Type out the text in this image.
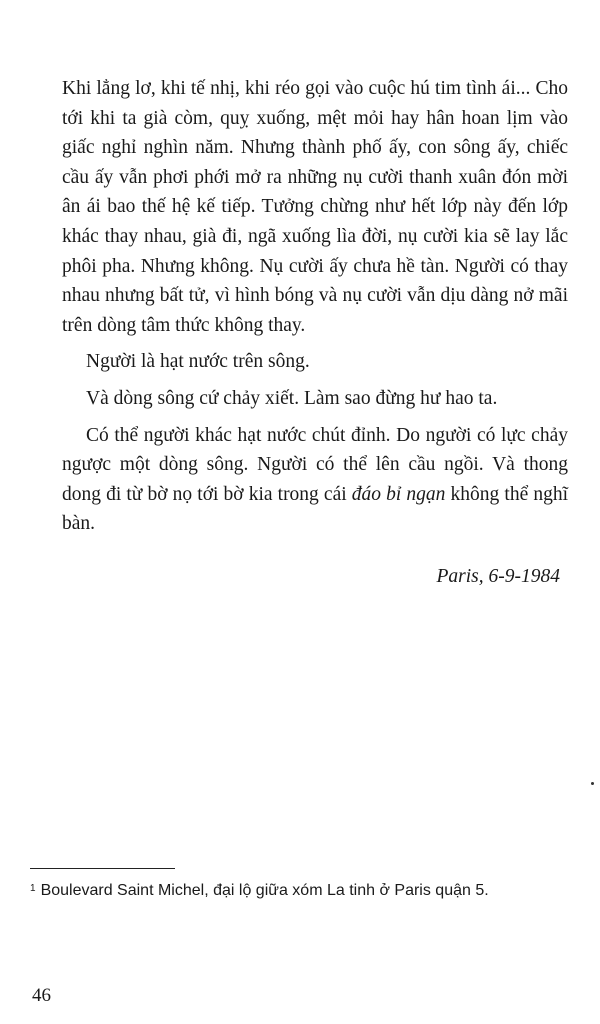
Khi lẳng lơ, khi tế nhị, khi réo gọi vào cuộc hú tim tình ái... Cho tới khi ta già còm, quỵ xuống, mệt mỏi hay hân hoan lịm vào giấc nghỉ nghìn năm. Nhưng thành phố ấy, con sông ấy, chiếc cầu ấy vẫn phơi phới mở ra những nụ cười thanh xuân đón mời ân ái bao thế hệ kế tiếp. Tưởng chừng như hết lớp này đến lớp khác thay nhau, già đi, ngã xuống lìa đời, nụ cười kia sẽ lay lắc phôi pha. Nhưng không. Nụ cười ấy chưa hề tàn. Người có thay nhau nhưng bất tử, vì hình bóng và nụ cười vẫn dịu dàng nở mãi trên dòng tâm thức không thay.

Người là hạt nước trên sông.

Và dòng sông cứ chảy xiết. Làm sao đừng hư hao ta.

Có thể người khác hạt nước chút đỉnh. Do người có lực chảy ngược một dòng sông. Người có thể lên cầu ngồi. Và thong dong đi từ bờ nọ tới bờ kia trong cái đáo bỉ ngạn không thể nghĩ bàn.

Paris, 6-9-1984
$^1$ Boulevard Saint Michel, đại lộ giữa xóm La tinh ở Paris quận 5.
46
